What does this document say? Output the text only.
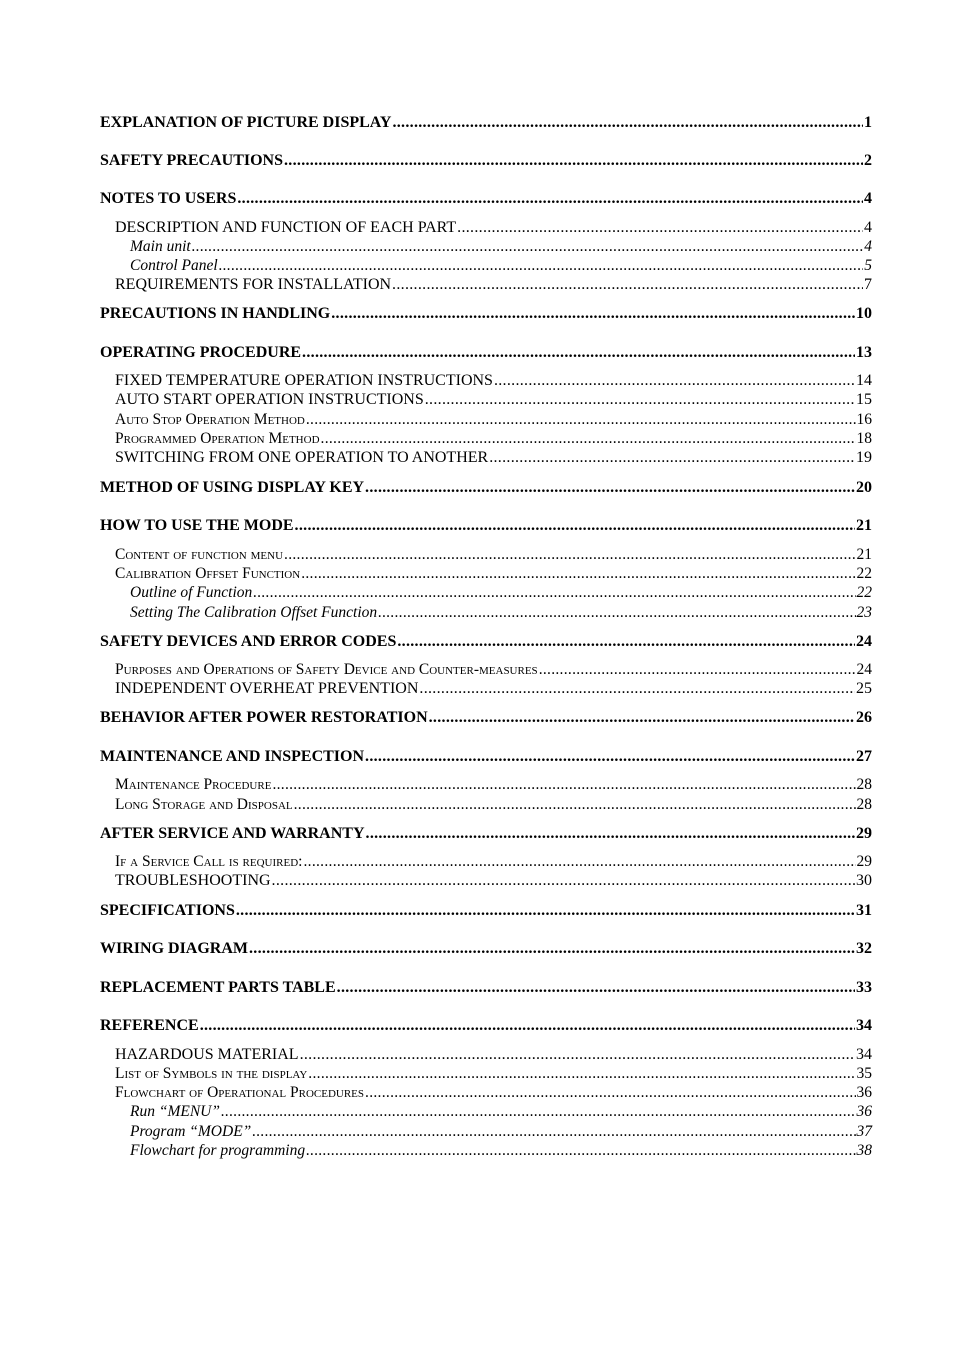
EXPLANATION OF PICTURE DISPLAY .....	1
SAFETY PRECAUTIONS .....	2
NOTES TO USERS .....	4
DESCRIPTION AND FUNCTION OF EACH PART .....	4
Main unit .....	4
Control Panel .....	5
REQUIREMENTS FOR INSTALLATION .....	7
PRECAUTIONS IN HANDLING .....	10
OPERATING PROCEDURE .....	13
FIXED TEMPERATURE OPERATION INSTRUCTIONS .....	14
AUTO START OPERATION INSTRUCTIONS .....	15
Auto Stop Operation Method .....	16
Programmed Operation Method .....	18
SWITCHING FROM ONE OPERATION TO ANOTHER .....	19
METHOD OF USING DISPLAY KEY .....	20
HOW TO USE THE MODE .....	21
Content of function menu .....	21
Calibration Offset Function .....	22
Outline of Function .....	22
Setting The Calibration Offset Function .....	23
SAFETY DEVICES AND ERROR CODES .....	24
Purposes and Operations of Safety Device and Counter-measures .....	24
INDEPENDENT OVERHEAT PREVENTION .....	25
BEHAVIOR AFTER POWER RESTORATION .....	26
MAINTENANCE AND INSPECTION .....	27
Maintenance Procedure .....	28
Long Storage and Disposal .....	28
AFTER SERVICE AND WARRANTY .....	29
If a Service Call is required: .....	29
TROUBLESHOOTING .....	30
SPECIFICATIONS .....	31
WIRING DIAGRAM .....	32
REPLACEMENT PARTS TABLE .....	33
REFERENCE .....	34
HAZARDOUS MATERIAL .....	34
List of Symbols in the display .....	35
Flowchart of Operational Procedures .....	36
Run “MENU” .....	36
Program “MODE” .....	37
Flowchart for programming .....	38
